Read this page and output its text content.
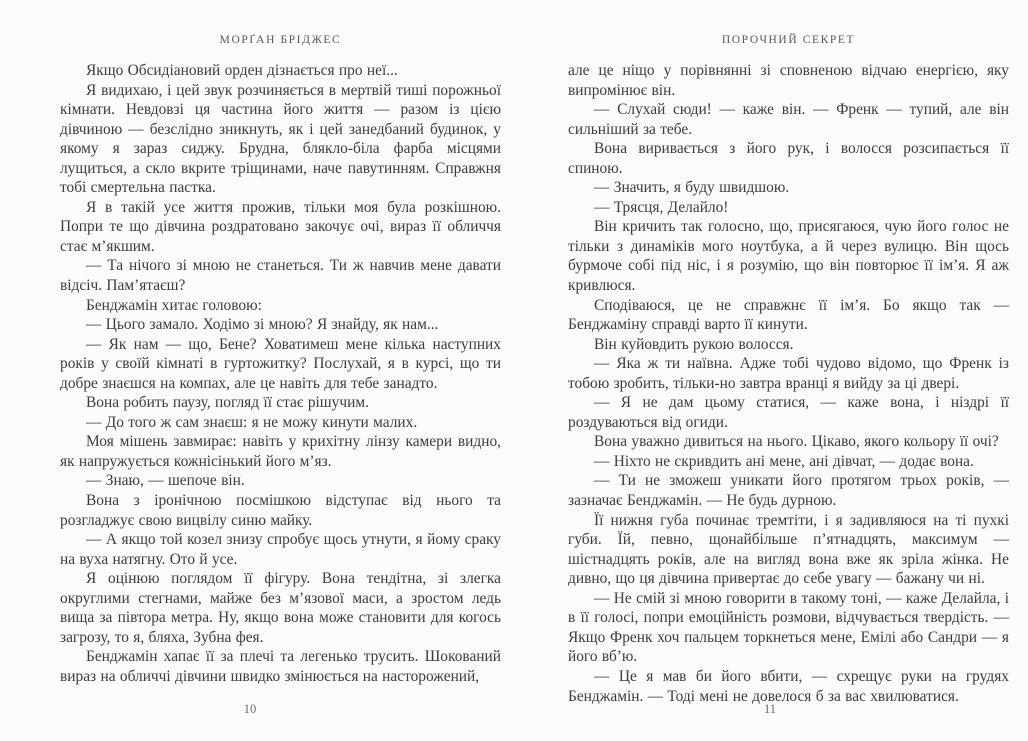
МОРҐАН БРІДЖЕС

Якщо Обсидіановий орден дізнається про неї...

Я видихаю, і цей звук розчиняється в мертвій тиші порожньої кімнати. Невдовзі ця частина його життя — разом із цією дівчиною — безслідно зникнуть, як і цей занедбаний будинок, у якому я зараз сиджу. Брудна, блякло-біла фарба місцями лущиться, а скло вкрите тріщинами, наче павутинням. Справжня тобі смертельна пастка.

Я в такій усе життя прожив, тільки моя була розкішною. Попри те що дівчина роздратовано закочує очі, вираз її обличчя стає м’якшим.

— Та нічого зі мною не станеться. Ти ж навчив мене давати відсіч. Пам’ятаєш?

Бенджамін хитає головою:

— Цього замало. Ходімо зі мною? Я знайду, як нам...

— Як нам — що, Бене? Ховатимеш мене кілька наступних років у своїй кімнаті в гуртожитку? Послухай, я в курсі, що ти добре знаєшся на компах, але це навіть для тебе занадто.

Вона робить паузу, погляд її стає рішучим.

— До того ж сам знаєш: я не можу кинути малих.

Моя мішень завмирає: навіть у крихітну лінзу камери видно, як напружується кожнісінький його м’яз.

— Знаю, — шепоче він.

Вона з іронічною посмішкою відступає від нього та розгладжує свою вицвілу синю майку.

— А якщо той козел знизу спробує щось утнути, я йому сраку на вуха натягну. Ото й усе.

Я оцінюю поглядом її фігуру. Вона тендітна, зі злегка округлими стегнами, майже без м’язової маси, а зростом ледь вища за півтора метра. Ну, якщо вона може становити для когось загрозу, то я, бляха, Зубна фея.

Бенджамін хапає її за плечі та легенько трусить. Шокований вираз на обличчі дівчини швидко змінюється на насторожений,

ПОРОЧНИЙ СЕКРЕТ

але це ніщо у порівнянні зі сповненою відчаю енергією, яку випромінює він.

— Слухай сюди! — каже він. — Френк — тупий, але він сильніший за тебе.

Вона виривається з його рук, і волосся розсипається її спиною.

— Значить, я буду швидшою.

— Трясця, Делайло!

Він кричить так голосно, що, присягаюся, чую його голос не тільки з динаміків мого ноутбука, а й через вулицю. Він щось бурмоче собі під ніс, і я розумію, що він повторює її ім’я. Я аж кривлюся.

Сподіваюся, це не справжнє її ім’я. Бо якщо так — Бенджаміну справді варто її кинути.

Він куйовдить рукою волосся.

— Яка ж ти наївна. Адже тобі чудово відомо, що Френк із тобою зробить, тільки-но завтра вранці я вийду за ці двері.

— Я не дам цьому статися, — каже вона, і ніздрі її роздуваються від огиди.

Вона уважно дивиться на нього. Цікаво, якого кольору її очі?

— Ніхто не скривдить ані мене, ані дівчат, — додає вона.

— Ти не зможеш уникати його протягом трьох років, — зазначає Бенджамін. — Не будь дурною.

Її нижня губа починає тремтіти, і я задивляюся на ті пухкі губи. Їй, певно, щонайбільше п’ятнадцять, максимум — шістнадцять років, але на вигляд вона вже як зріла жінка. Не дивно, що ця дівчина привертає до себе увагу — бажану чи ні.

— Не смій зі мною говорити в такому тоні, — каже Делайла, і в її голосі, попри емоційність розмови, відчувається твердість. — Якщо Френк хоч пальцем торкнеться мене, Емілі або Сандри — я його вб’ю.

— Це я мав би його вбити, — схрещує руки на грудях Бенджамін. — Тоді мені не довелося б за вас хвилюватися.

10	11
